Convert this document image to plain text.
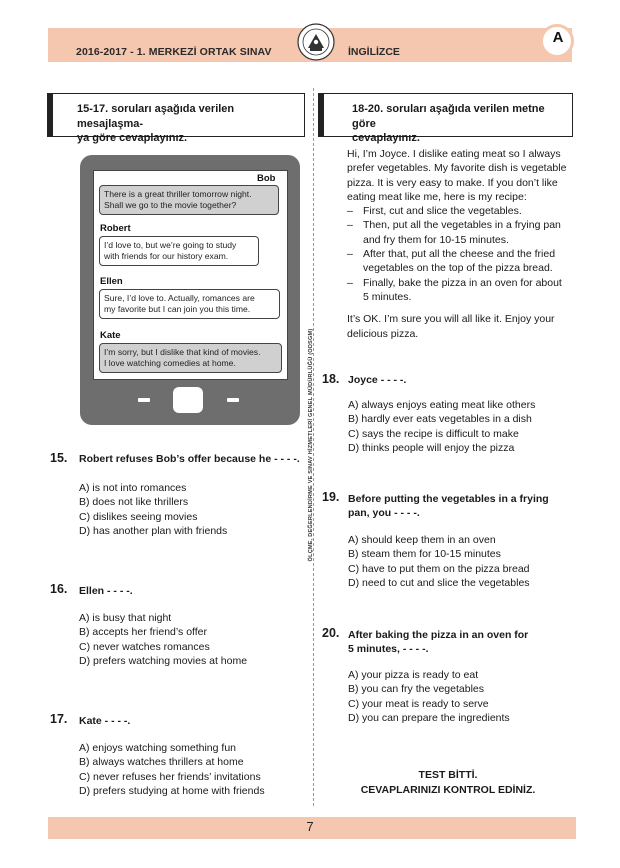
2016-2017 - 1. MERKEZİ ORTAK SINAV	İNGİLİZCE
A
ÖLÇME, DEĞERLENDİRME VE SINAV HİZMETLERİ GENEL MÜDÜRLÜĞÜ (ODSGM)
15-17. soruları aşağıda verilen mesajlaşma-
ya göre cevaplayınız.
Bob
There is a great thriller tomorrow night.
Shall we go to the movie together?
Robert
I’d love to, but we’re going to study
with friends for our history exam.
Ellen
Sure, I’d love to. Actually, romances are
my favorite but I can join you this time.
Kate
I’m sorry, but I dislike that kind of movies.
I love watching comedies at home.
15. Robert refuses Bob’s offer because he - - - -.
A) is not into romances
B) does not like thrillers
C) dislikes seeing movies
D) has another plan with friends
16. Ellen - - - -.
A) is busy that night
B) accepts her friend’s offer
C) never watches romances
D) prefers watching movies at home
17. Kate - - - -.
A) enjoys watching something fun
B) always watches thrillers at home
C) never refuses her friends’ invitations
D) prefers studying at home with friends
18-20. soruları aşağıda verilen metne göre
cevaplayınız.
Hi, I’m Joyce. I dislike eating meat so I always
prefer vegetables. My favorite dish is vegetable
pizza. It is very easy to make. If you don’t like
eating meat like me, here is my recipe:
– First, cut and slice the vegetables.
– Then, put all the vegetables in a frying pan
and fry them for 10-15 minutes.
– After that, put all the cheese and the fried
vegetables on the top of the pizza bread.
– Finally, bake the pizza in an oven for about
5 minutes.
It’s OK. I’m sure you will all like it. Enjoy your
delicious pizza.
18. Joyce - - - -.
A) always enjoys eating meat like others
B) hardly ever eats vegetables in a dish
C) says the recipe is difficult to make
D) thinks people will enjoy the pizza
19. Before putting the vegetables in a frying
pan, you - - - -.
A) should keep them in an oven
B) steam them for 10-15 minutes
C) have to put them on the pizza bread
D) need to cut and slice the vegetables
20. After baking the pizza in an oven for
5 minutes, - - - -.
A) your pizza is ready to eat
B) you can fry the vegetables
C) your meat is ready to serve
D) you can prepare the ingredients
TEST BİTTİ.
CEVAPLARINIZI KONTROL EDİNİZ.
7
